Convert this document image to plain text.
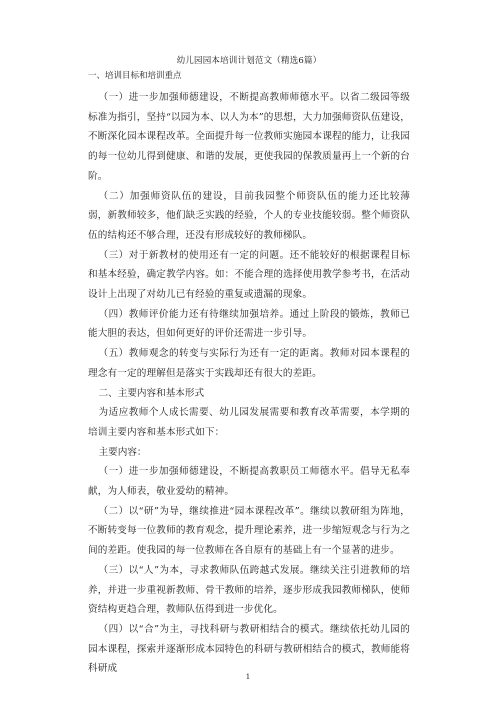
幼儿园园本培训计划范文（精选6篇）
一、培训目标和培训重点

（一）进一步加强师德建设，不断提高教师师德水平。以省二级园等级标准为指引，坚持“以园为本、以人为本”的思想，大力加强师资队伍建设，不断深化园本课程改革。全面提升每一位教师实施园本课程的能力，让我园的每一位幼儿得到健康、和谐的发展，更使我园的保教质量再上一个新的台阶。

（二）加强师资队伍的建设，目前我园整个师资队伍的能力还比较薄弱，新教师较多，他们缺乏实践的经验，个人的专业技能较弱。整个师资队伍的结构还不够合理，还没有形成较好的教师梯队。

（三）对于新教材的使用还有一定的问题。还不能较好的根据课程目标和基本经验，确定教学内容。如：不能合理的选择使用教学参考书，在活动设计上出现了对幼儿已有经验的重复或遗漏的现象。

（四）教师评价能力还有待继续加强培养。通过上阶段的锻炼，教师已能大胆的表达，但如何更好的评价还需进一步引导。

（五）教师观念的转变与实际行为还有一定的距离。教师对园本课程的理念有一定的理解但是落实于实践却还有很大的差距。

二、主要内容和基本形式

为适应教师个人成长需要、幼儿园发展需要和教育改革需要，本学期的培训主要内容和基本形式如下：

主要内容：

（一）进一步加强师德建设，不断提高教职员工师德水平。倡导无私奉献，为人师表，敬业爱幼的精神。

（二）以“研”为导，继续推进“园本课程改革”。继续以教研组为阵地，不断转变每一位教师的教育观念，提升理论素养，进一步缩短观念与行为之间的差距。使我园的每一位教师在各自原有的基础上有一个显著的进步。

（三）以“人”为本，寻求教师队伍跨越式发展。继续关注引进教师的培养，并进一步重视新教师、骨干教师的培养，逐步形成我园教师梯队，使师资结构更趋合理，教师队伍得到进一步优化。

（四）以“合”为主，寻找科研与教研相结合的模式。继续依托幼儿园的园本课程，探索并逐渐形成本园特色的科研与教研相结合的模式，教师能将科研成

1
